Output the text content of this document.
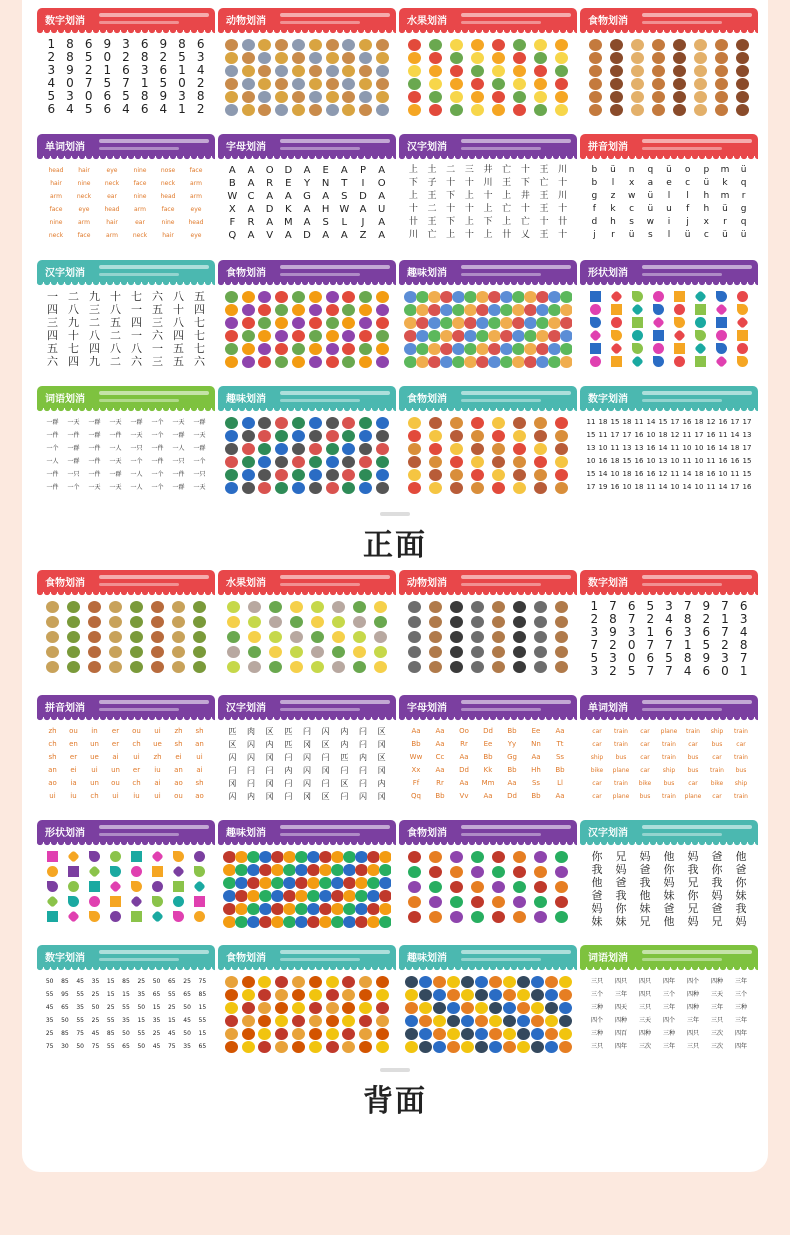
数字划消
1 8 6 9 3 6 9 8 6
2 8 5 0 2 8 2 5 3
3 9 2 1 6 3 6 1 4
4 0 7 5 7 1 5 0 2
5 3 0 6 5 8 9 3 8
6 4 5 6 4 6 4 1 2
动物划消	水果划消	食物划消
单词划消
head	hair	eye	nine	nose	face
hair	nine	neck	face	neck	arm
arm	neck	ear	nine	head	arm
face	eye	head	arm	face	eye
nine	arm	hair	ear	nine	head
neck	face	arm	neck	hair	eye
字母划消
A	A	O	D	A	E	A	P	A
B	A	R	E	Y	N	T	I	O
W	C	A	A	G	A	S	D	A
X	A	D	K	A	H W	A	U
F	R	A	M	A	S	L	J	A
Q	A	V	A	D	A	A	Z	A
汉字划消
上	土	二	三	井	亡	十	王	川
下	子	十	十	川	王	下	亡	十
上	王	下	上	十	上	井	王	川
十	二	十	十	上	亡	十	王	十
卄	王	下	上	下	上	亡	十	卄
川	亡	上	十	上	卄	乂	王	十
拼音划消
b	ü	n	q	ü	o	p	m	ü
b	l	x	a	e	c	ü	k	q
g	z	w	ü	l	l	h	m	r
f	k	c	ü	u	f	h	ü	g
d	h	s	w	i	j	x	r	q
j	r	ü	s	l	ü	c	ü	ü
汉字划消
一 二 九 十 七 六 八 五
四 八 三 八 一 五 十 四
三 九 二 五 四 三 八 七
四 十 八 二 一 六 四 七
五 七 四 八 八 一 五 七
六 四 九 二 六 三 五 六
食物划消	趣味划消	形状划消
词语划消
一群	一天	一群	一天	一群	一个	一天	一群
一件	一件	一群	一件	一天	一个	一群	一天
一个	一群	一件	一人	一只	一件	一人	一群
一人	一群	一件	一天	一个	一件	一只	一个
一件	一只	一件	一群	一人	一个	一件	一只
一件	一个	一天	一天	一人	一个	一群	一天
趣味划消	食物划消	数字划消
11 18 15 18 11 14 15 17 16 18 12 16 17 17
15 11 17 17 16 10 18 12 11 17 16 11 14 13
13 10 11 13 13 16 14 11 10 10 16 14 18 17
10 16 18 15 16 10 13 10 11 10 11 16 16 15
15 14 10 18 16 16 12 11 14 18 16 10 11 15
17 19 16 10 18 11 14 10 14 10 11 14 17 16
正面
食物划消	水果划消	动物划消	数字划消
1 7 6 5 3 7 9 7 6
2 8 7 2 4 8 2 1 3
3 9 3 1 6 3 6 7 4
7 2 0 7 7 1 5 2 8
5 3 0 6 5 8 9 3 7
3 2 5 7 7 4 6 0 1
拼音划消
zh	ou	in	er	ou	ui	zh	sh
ch	en	un	er	ch	ue	sh	an
sh	er	ue	ai	ui	zh	ei	ui
an	ei	ui	un	er	iu	an	ai
ao	ia	un	ou	ch	ai	ao	sh
ui	iu	ch	ui	iu	ui	ou	ao
汉字划消
匹	肉	区	匹	闩	闪	内	闩	区
区	闪	内	匹	冈	区	内	闩	冈
闪	闪	冈	闩	闪	闩	匹	内	区
闩	闩	闩	内	闪	冈	闩	闩	冈
冈	闩	冈	闩	闪	闩	区	闩	内
闪	内	冈	闩	冈	区	闩	闪	冈
字母划消
Aa	Aa	Oo	Dd	Bb	Ee	Aa
Bb	Aa	Rr	Ee	Yy	Nn	Tt
Ww	Cc	Aa	Bb	Gg	Aa	Ss
Xx	Aa	Dd	Kk	Bb	Hh	Bb
Ff	Rr	Aa	Mm	Aa	Ss	Ll
Qq	Bb	Vv	Aa	Dd	Bb	Aa
单词划消
car	train	car	plane	train	ship	train
car	train	car	train	car	bus	car
ship	bus	car	train	bus	car	train
bike	plane	car	ship	bus	train	bus
car	train	bike	bus	car	bike	ship
car	plane	bus	train	plane	car	train
形状划消	趣味划消	食物划消	汉字划消
你	兄	妈	他	妈	爸	他
我	妈	爸	你	我	你	爸
他	爸	我	妈	兄	我	你
爸	我	他	妹	你	妈	妹
妈	你	妹	爸	兄	爸	我
妹	妹	兄	他	妈	兄	妈
数字划消
50	85	45	35	15	85	25	50	65	25	75
55	95	55	25	15	15	35	65	55	65	85
45	65	35	50	25	55	50	15	25	50	15
35	50	55	25	55	35	15	35	15	45	55
25	85	75	45	85	50	55	25	45	50	15
75	30	50	75	55	65	50	45	75	35	65
食物划消	趣味划消	词语划消
三只	四只	四只	四年	四个	四种	三年
三个	三年	四只	三个	四种	三天	三个
三种	四天	三只	三年	四种	三年	三种
四个	四种	三天	四个	三年	三只	三年
三种	四百	四种	三种	四只	三次	四年
三只	四年	三次	三年	三只	三次	四年
背面
